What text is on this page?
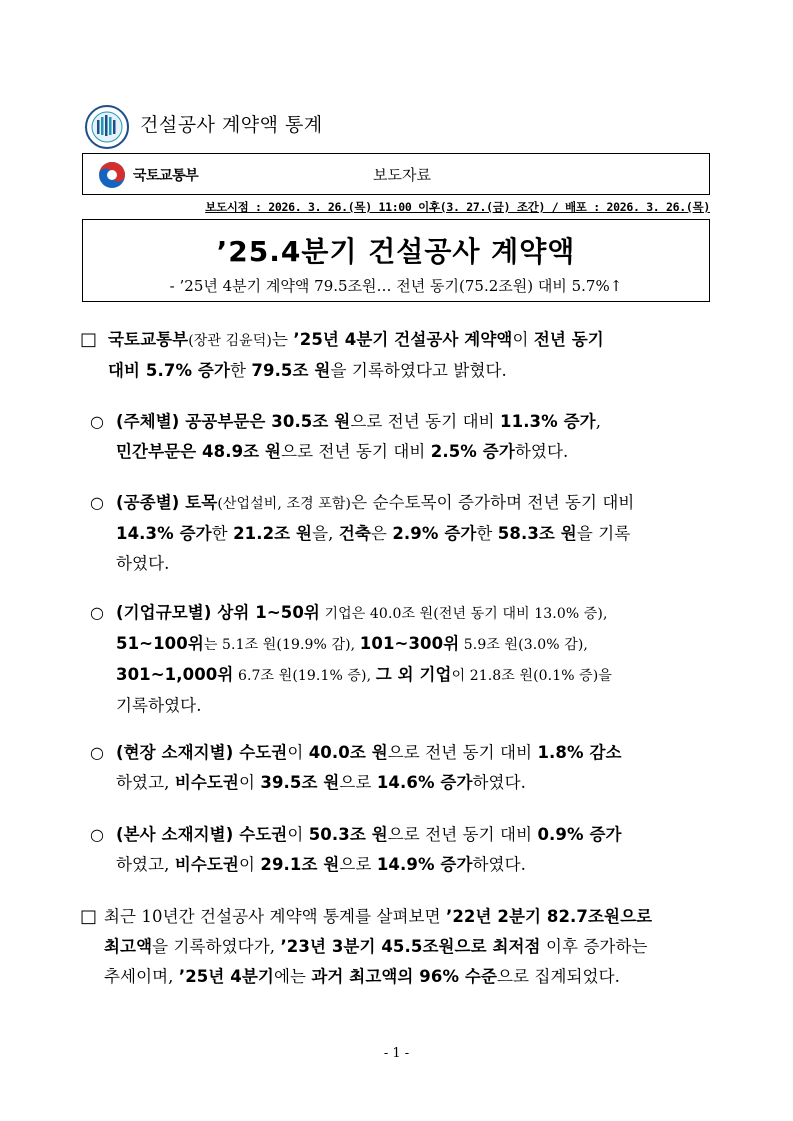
건설공사 계약액 통계
국토교통부	보도자료
보도시점 : 2026. 3. 26.(목) 11:00 이후(3. 27.(금) 조간) / 배포 : 2026. 3. 26.(목)
’25.4분기 건설공사 계약액
- ’25년 4분기 계약액 79.5조원… 전년 동기(75.2조원) 대비 5.7%↑
□ 국토교통부(장관 김윤덕)는 ’25년 4분기 건설공사 계약액이 전년 동기
대비 5.7% 증가한 79.5조 원을 기록하였다고 밝혔다.
○ (주체별) 공공부문은 30.5조 원으로 전년 동기 대비 11.3% 증가,
민간부문은 48.9조 원으로 전년 동기 대비 2.5% 증가하였다.
○ (공종별) 토목(산업설비, 조경 포함)은 순수토목이 증가하며 전년 동기 대비
14.3% 증가한 21.2조 원을, 건축은 2.9% 증가한 58.3조 원을 기록
하였다.
○ (기업규모별) 상위 1~50위 기업은 40.0조 원(전년 동기 대비 13.0% 증),
51~100위는 5.1조 원(19.9% 감), 101~300위 5.9조 원(3.0% 감),
301~1,000위 6.7조 원(19.1% 증), 그 외 기업이 21.8조 원(0.1% 증)을
기록하였다.
○ (현장 소재지별) 수도권이 40.0조 원으로 전년 동기 대비 1.8% 감소
하였고, 비수도권이 39.5조 원으로 14.6% 증가하였다.
○ (본사 소재지별) 수도권이 50.3조 원으로 전년 동기 대비 0.9% 증가
하였고, 비수도권이 29.1조 원으로 14.9% 증가하였다.
□ 최근 10년간 건설공사 계약액 통계를 살펴보면 ’22년 2분기 82.7조원으로
최고액을 기록하였다가, ’23년 3분기 45.5조원으로 최저점 이후 증가하는
추세이며, ’25년 4분기에는 과거 최고액의 96% 수준으로 집계되었다.
- 1 -
